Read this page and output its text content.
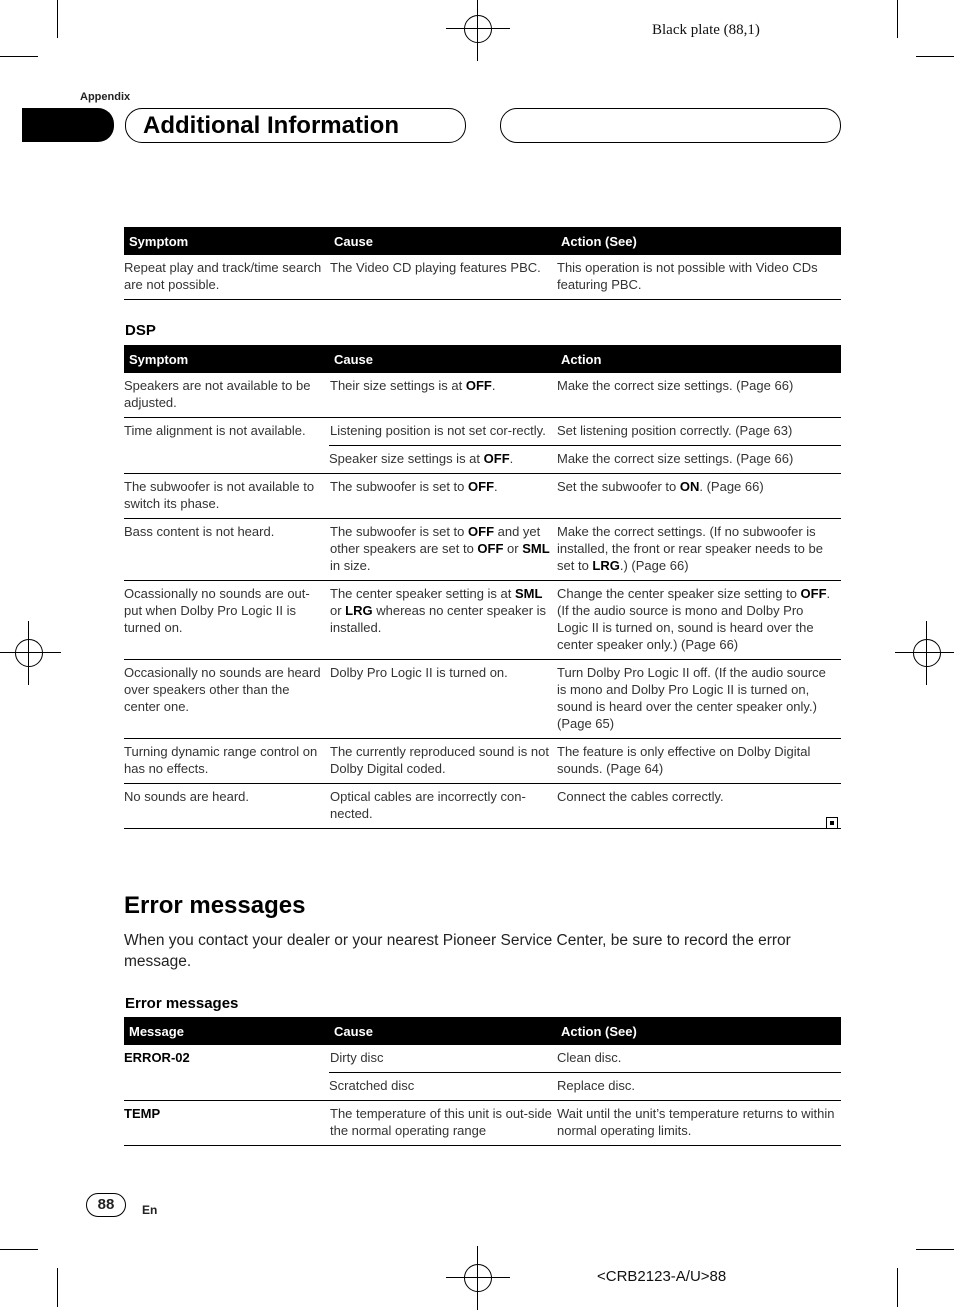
Black plate (88,1)
Appendix
Additional Information
Symptom	Cause	Action (See)
Repeat play and track/time search are not possible.	The Video CD playing features PBC.	This operation is not possible with Video CDs featuring PBC.
DSP
Symptom	Cause	Action
Speakers are not available to be adjusted.	Their size settings is at OFF.	Make the correct size settings. (Page 66)
Time alignment is not available.	Listening position is not set cor-rectly.	Set listening position correctly. (Page 63)
	Speaker size settings is at OFF.	Make the correct size settings. (Page 66)
The subwoofer is not available to switch its phase.	The subwoofer is set to OFF.	Set the subwoofer to ON. (Page 66)
Bass content is not heard.	The subwoofer is set to OFF and yet other speakers are set to OFF or SML in size.	Make the correct settings. (If no subwoofer is installed, the front or rear speaker needs to be set to LRG.) (Page 66)
Ocassionally no sounds are out-put when Dolby Pro Logic II is turned on.	The center speaker setting is at SML or LRG whereas no center speaker is installed.	Change the center speaker size setting to OFF. (If the audio source is mono and Dolby Pro Logic II is turned on, sound is heard over the center speaker only.) (Page 66)
Occasionally no sounds are heard over speakers other than the center one.	Dolby Pro Logic II is turned on.	Turn Dolby Pro Logic II off. (If the audio source is mono and Dolby Pro Logic II is turned on, sound is heard over the center speaker only.) (Page 65)
Turning dynamic range control on has no effects.	The currently reproduced sound is not Dolby Digital coded.	The feature is only effective on Dolby Digital sounds. (Page 64)
No sounds are heard.	Optical cables are incorrectly con-nected.	Connect the cables correctly.
Error messages
When you contact your dealer or your nearest Pioneer Service Center, be sure to record the error message.
Error messages
Message	Cause	Action (See)
ERROR-02	Dirty disc	Clean disc.
	Scratched disc	Replace disc.
TEMP	The temperature of this unit is out-side the normal operating range	Wait until the unit’s temperature returns to within normal operating limits.
88	En
<CRB2123-A/U>88
